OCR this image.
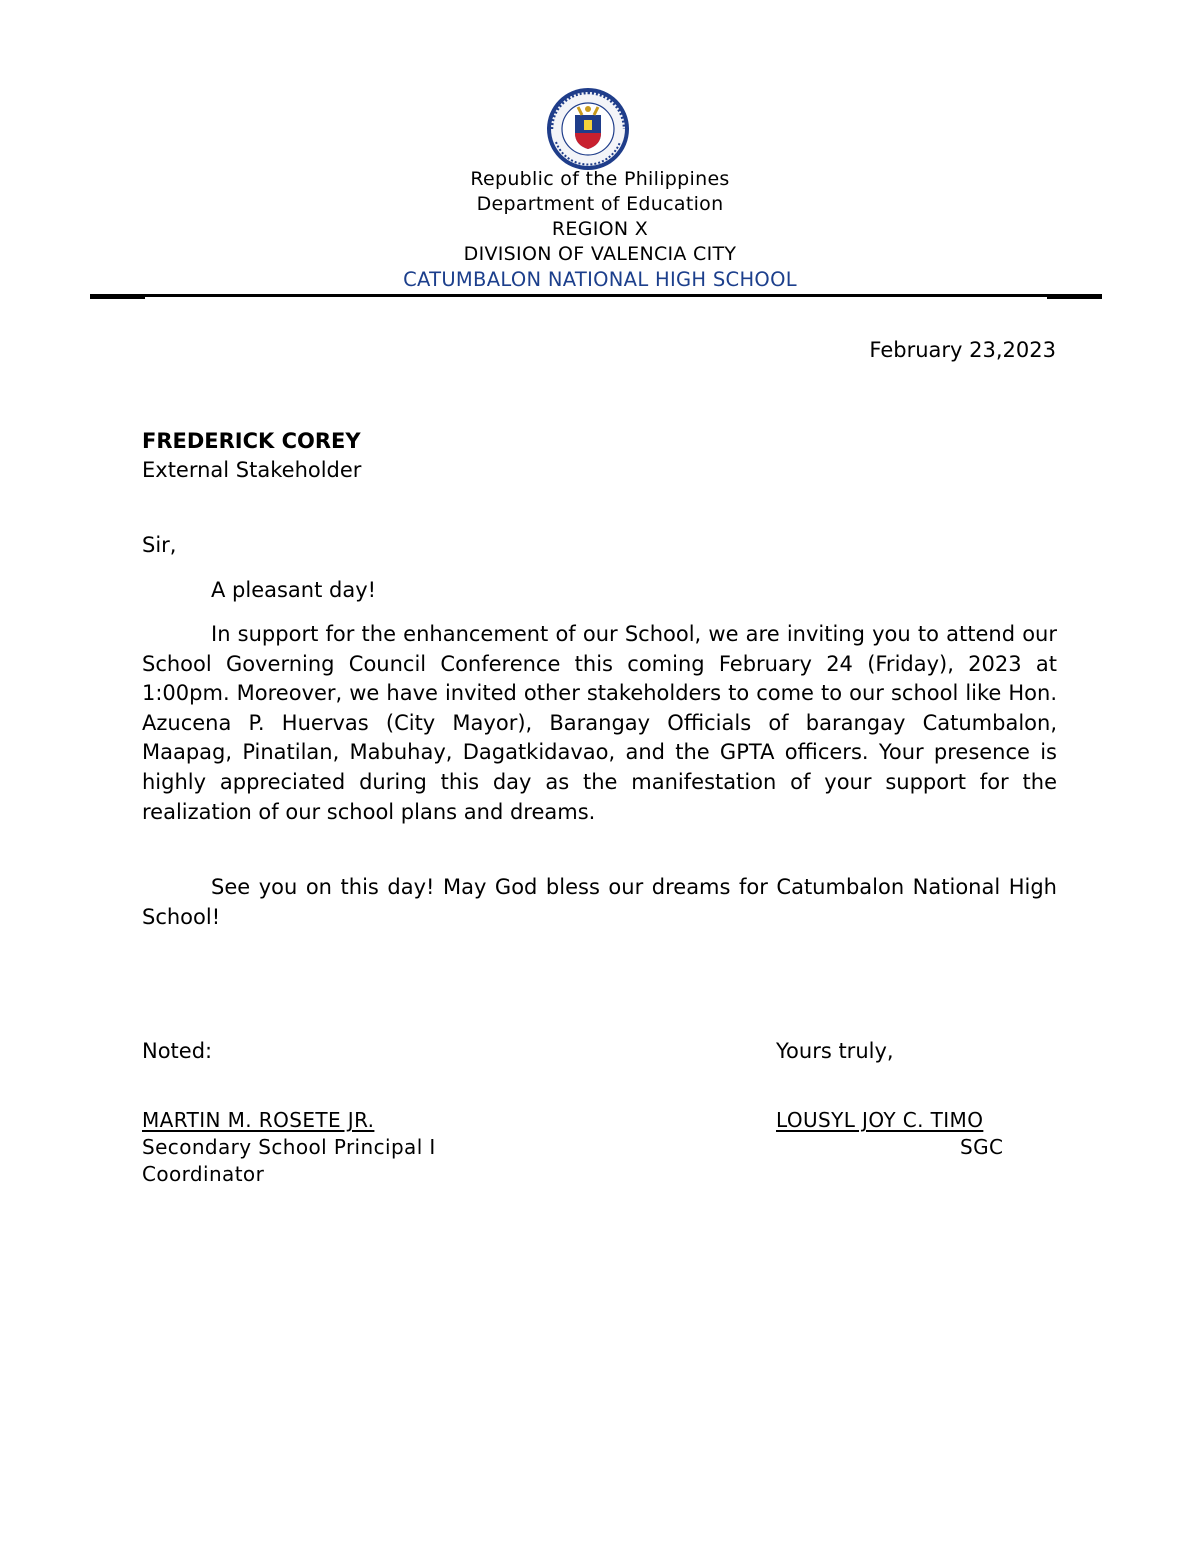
Republic of the Philippines
Department of Education
REGION X
DIVISION OF VALENCIA CITY
CATUMBALON NATIONAL HIGH SCHOOL
February 23,2023
FREDERICK COREY
External Stakeholder
Sir,
A pleasant day!

In support for the enhancement of our School, we are inviting you to attend our School Governing Council Conference this coming February 24 (Friday), 2023 at 1:00pm. Moreover, we have invited other stakeholders to come to our school like Hon. Azucena P. Huervas (City Mayor), Barangay Officials of barangay Catumbalon, Maapag, Pinatilan, Mabuhay, Dagatkidavao, and the GPTA officers. Your presence is highly appreciated during this day as the manifestation of your support for the realization of our school plans and dreams.

See you on this day! May God bless our dreams for Catumbalon National High School!

Noted:	Yours truly,
MARTIN M. ROSETE JR.
Secondary School Principal I
Coordinator
LOUSYL JOY C. TIMO
SGC
